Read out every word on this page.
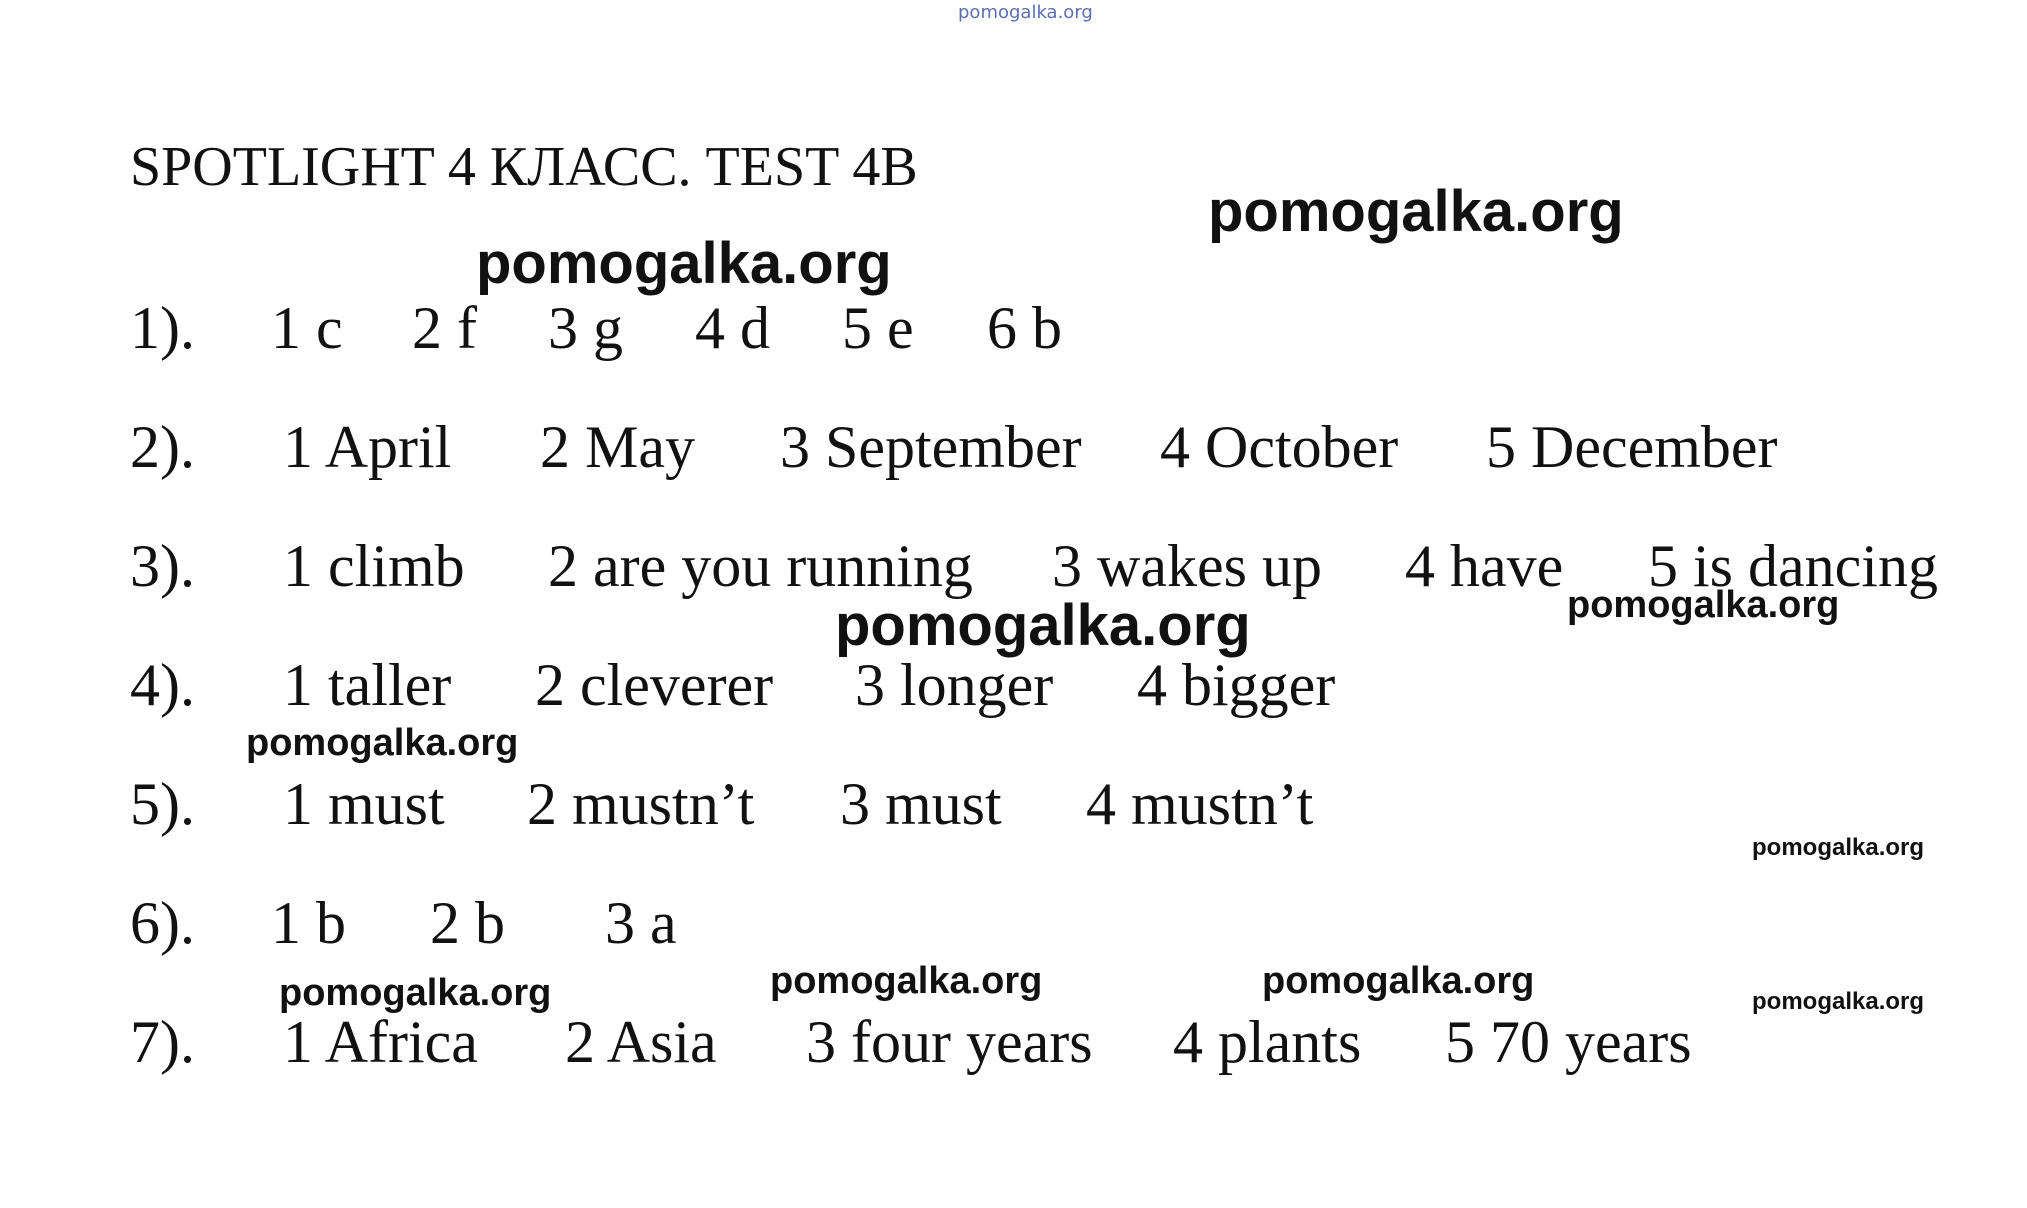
pomogalka.org
SPOTLIGHT 4 КЛАСС. TEST 4B
1). 1 c 2 f 3 g 4 d 5 e 6 b
2). 1 April 2 May 3 September 4 October 5 December
3). 1 climb 2 are you running 3 wakes up 4 have 5 is dancing
4). 1 taller 2 cleverer 3 longer 4 bigger
5). 1 must 2 mustn’t 3 must 4 mustn’t
6). 1 b 2 b 3 a
7). 1 Africa 2 Asia 3 four years 4 plants 5 70 years
pomogalka.org
pomogalka.org
pomogalka.org	pomogalka.org
pomogalka.org
pomogalka.org
pomogalka.org	pomogalka.org	pomogalka.org	pomogalka.org
